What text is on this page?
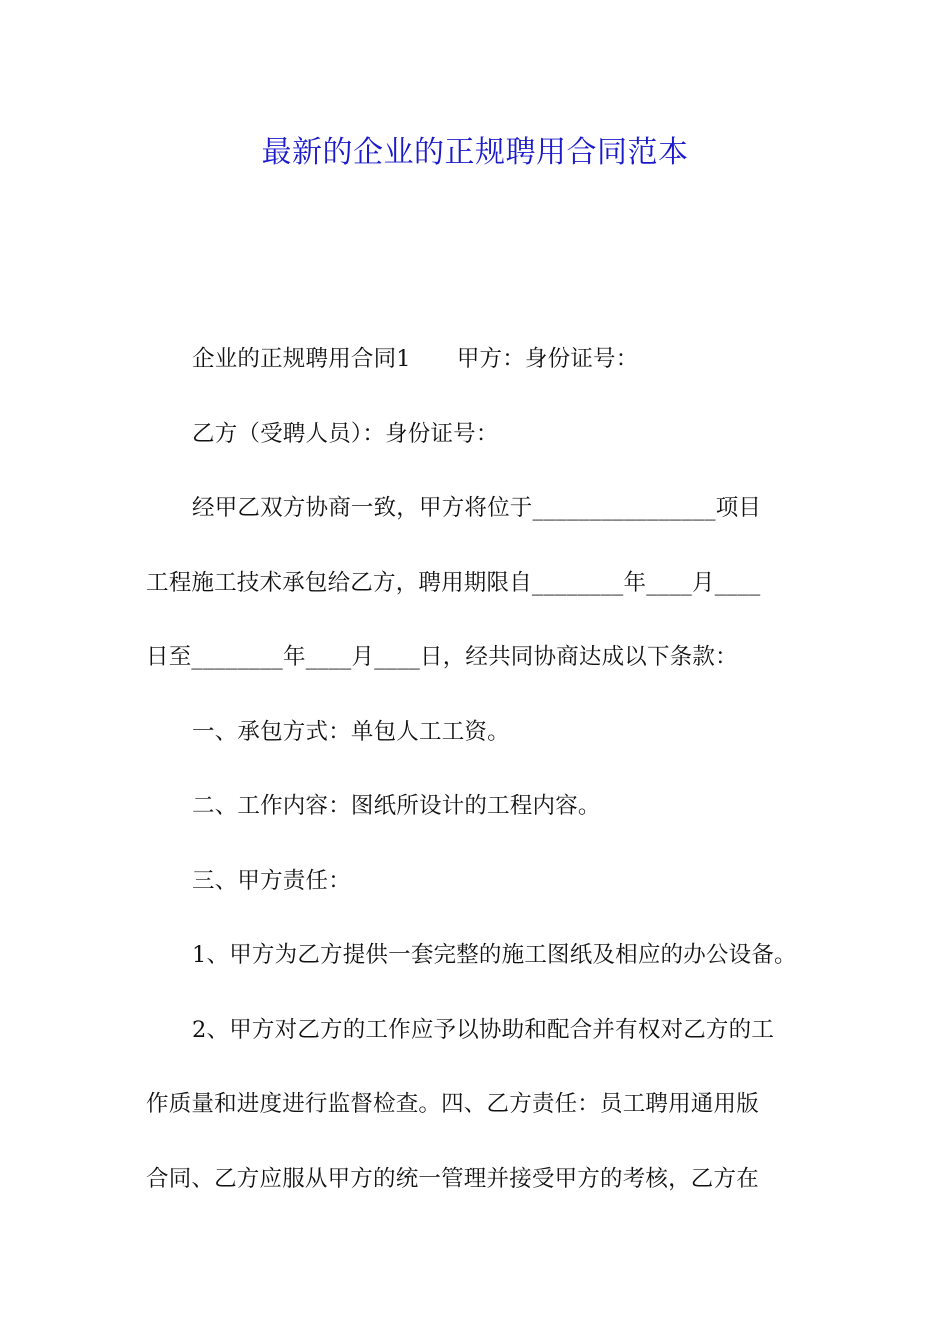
最新的企业的正规聘用合同范本
企业的正规聘用合同1 甲方：身份证号：
乙方（受聘人员）：身份证号：
经甲乙双方协商一致，甲方将位于________________项目
工程施工技术承包给乙方，聘用期限自________年____月____
日至________年____月____日，经共同协商达成以下条款：
一、承包方式：单包人工工资。
二、工作内容：图纸所设计的工程内容。
三、甲方责任：
1、甲方为乙方提供一套完整的施工图纸及相应的办公设备。
2、甲方对乙方的工作应予以协助和配合并有权对乙方的工
作质量和进度进行监督检查。四、乙方责任：员工聘用通用版
合同、乙方应服从甲方的统一管理并接受甲方的考核，乙方在
